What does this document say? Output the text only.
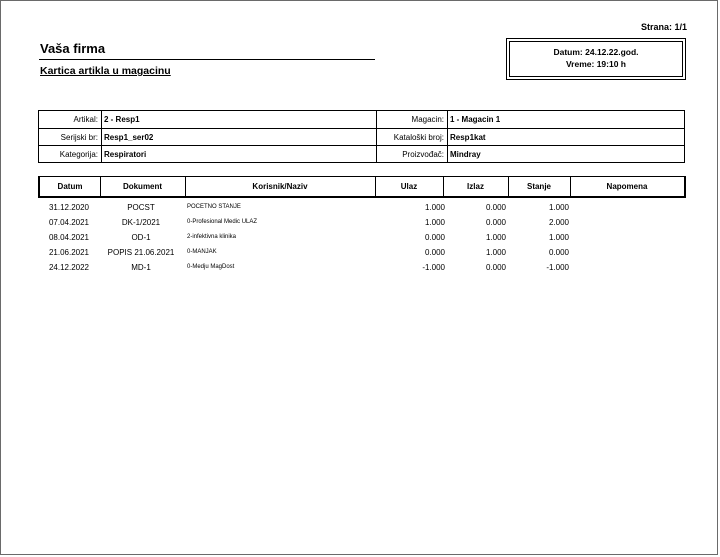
Strana: 1/1
Vaša firma
Kartica artikla u magacinu
Datum: 24.12.22.god.
Vreme: 19:10 h
Artikal: 2 - Resp1	Magacin: 1 - Magacin 1
Serijski br: Resp1_ser02	Kataloški broj: Resp1kat
Kategorija: Respiratori	Proizvođač: Mindray
Datum	Dokument	Korisnik/Naziv	Ulaz	Izlaz	Stanje	Napomena
31.12.2020	POCST	POCETNO STANJE	1.000	0.000	1.000
07.04.2021	DK-1/2021	0-Profesional Medic ULAZ	1.000	0.000	2.000
08.04.2021	OD-1	2-infektivna klinika	0.000	1.000	1.000
21.06.2021	POPIS 21.06.2021	0-MANJAK	0.000	1.000	0.000
24.12.2022	MD-1	0-Medju MagDost	-1.000	0.000	-1.000
